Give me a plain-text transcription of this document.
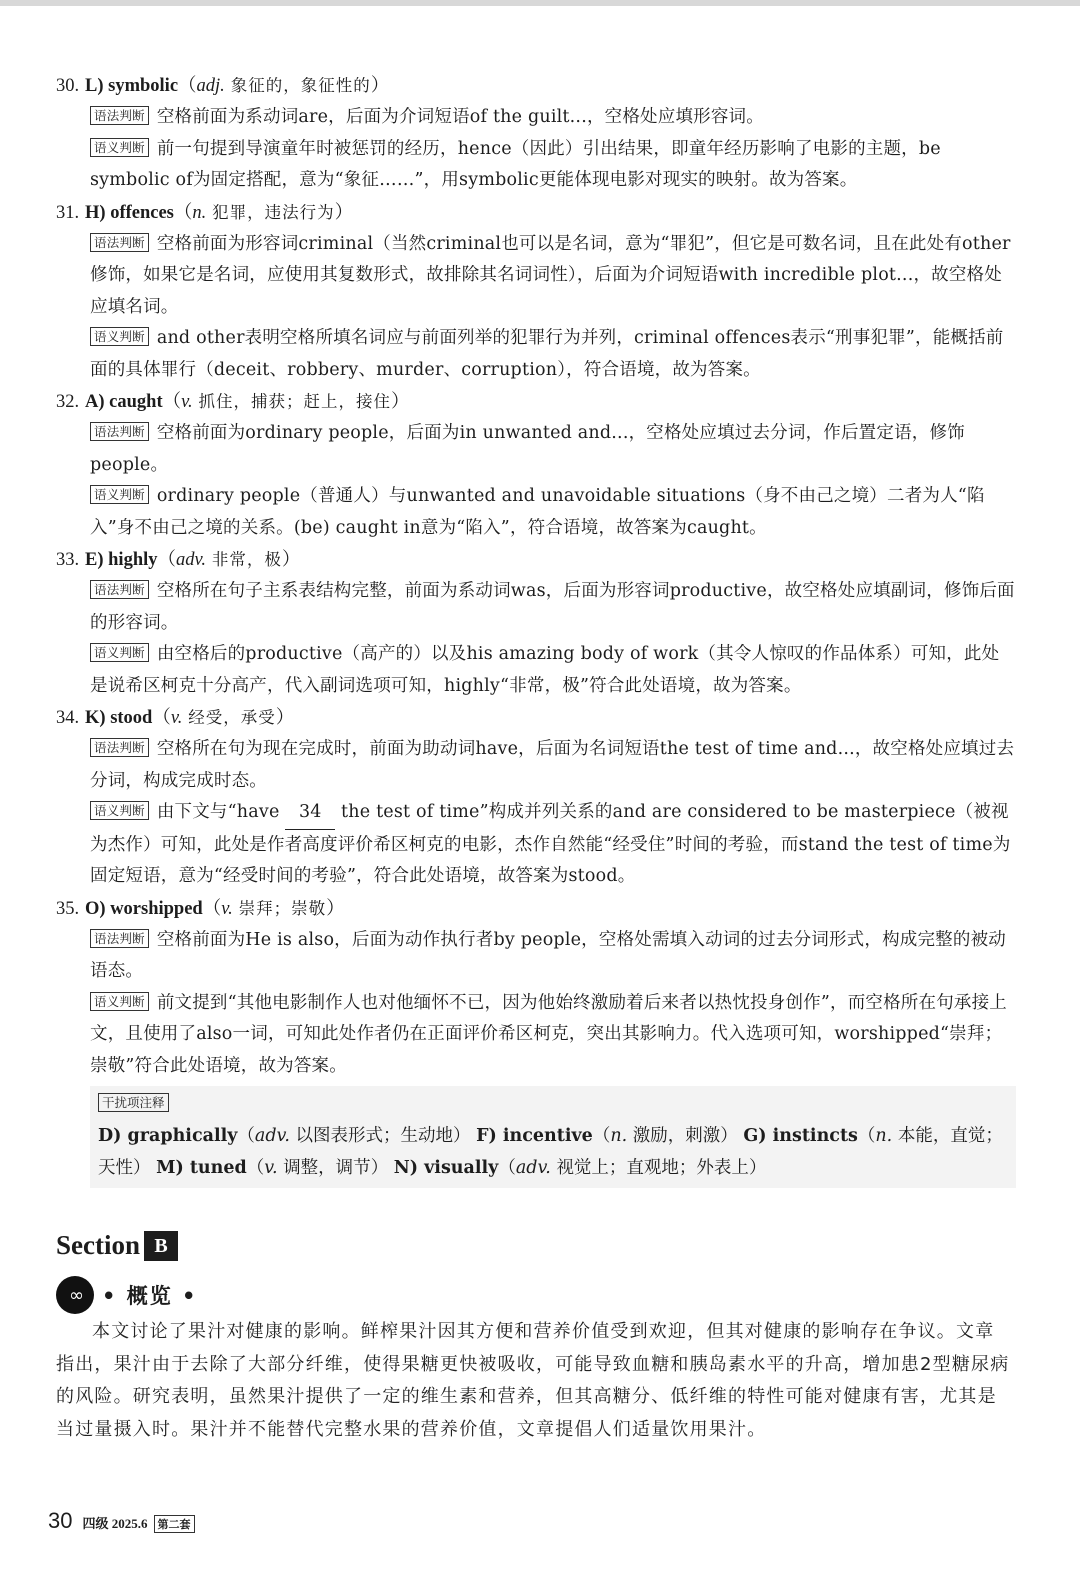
30. L) symbolic（adj. 象征的，象征性的）
语法判断 空格前面为系动词are，后面为介词短语of the guilt...，空格处应填形容词。
语义判断 前一句提到导演童年时被惩罚的经历，hence（因此）引出结果，即童年经历影响了电影的主题，be symbolic of为固定搭配，意为“象征……”，用symbolic更能体现电影对现实的映射。故为答案。
31. H) offences（n. 犯罪，违法行为）
语法判断 空格前面为形容词criminal（当然criminal也可以是名词，意为“罪犯”，但它是可数名词，且在此处有other修饰，如果它是名词，应使用其复数形式，故排除其名词词性），后面为介词短语with incredible plot...，故空格处应填名词。
语义判断 and other表明空格所填名词应与前面列举的犯罪行为并列，criminal offences表示“刑事犯罪”，能概括前面的具体罪行（deceit、robbery、murder、corruption），符合语境，故为答案。
32. A) caught（v. 抓住，捕获；赶上，接住）
语法判断 空格前面为ordinary people，后面为in unwanted and...，空格处应填过去分词，作后置定语，修饰people。
语义判断 ordinary people（普通人）与unwanted and unavoidable situations（身不由己之境）二者为人“陷入”身不由己之境的关系。(be) caught in意为“陷入”，符合语境，故答案为caught。
33. E) highly（adv. 非常，极）
语法判断 空格所在句子主系表结构完整，前面为系动词was，后面为形容词productive，故空格处应填副词，修饰后面的形容词。
语义判断 由空格后的productive（高产的）以及his amazing body of work（其令人惊叹的作品体系）可知，此处是说希区柯克十分高产，代入副词选项可知，highly“非常，极”符合此处语境，故为答案。
34. K) stood（v. 经受，承受）
语法判断 空格所在句为现在完成时，前面为助动词have，后面为名词短语the test of time and...，故空格处应填过去分词，构成完成时态。
语义判断 由下文与“have 34 the test of time”构成并列关系的and are considered to be masterpiece（被视为杰作）可知，此处是作者高度评价希区柯克的电影，杰作自然能“经受住”时间的考验，而stand the test of time为固定短语，意为“经受时间的考验”，符合此处语境，故答案为stood。
35. O) worshipped（v. 崇拜；崇敬）
语法判断 空格前面为He is also，后面为动作执行者by people，空格处需填入动词的过去分词形式，构成完整的被动语态。
语义判断 前文提到“其他电影制作人也对他缅怀不已，因为他始终激励着后来者以热忱投身创作”，而空格所在句承接上文，且使用了also一词，可知此处作者仍在正面评价希区柯克，突出其影响力。代入选项可知，worshipped“崇拜；崇敬”符合此处语境，故为答案。
干扰项注释
D) graphically（adv. 以图表形式；生动地） F) incentive（n. 激励，刺激） G) instincts（n. 本能，直觉；天性） M) tuned（v. 调整，调节） N) visually（adv. 视觉上；直观地；外表上）
Section B
∞	• 概览 •
本文讨论了果汁对健康的影响。鲜榨果汁因其方便和营养价值受到欢迎，但其对健康的影响存在争议。文章指出，果汁由于去除了大部分纤维，使得果糖更快被吸收，可能导致血糖和胰岛素水平的升高，增加患2型糖尿病的风险。研究表明，虽然果汁提供了一定的维生素和营养，但其高糖分、低纤维的特性可能对健康有害，尤其是当过量摄入时。果汁并不能替代完整水果的营养价值，文章提倡人们适量饮用果汁。
30 四级 2025.6 第二套
